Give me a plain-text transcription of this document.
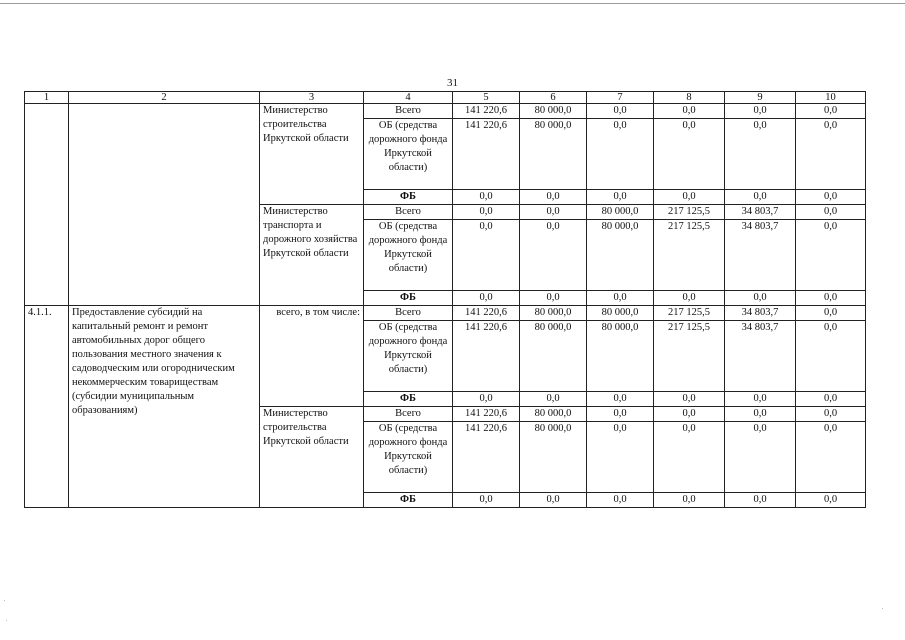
31
1	2	3	4	5	6	7	8	9	10
		Министерство строительства Иркутской области	Всего	141 220,6	80 000,0	0,0	0,0	0,0	0,0
			ОБ (средства дорожного фонда Иркутской области)	141 220,6	80 000,0	0,0	0,0	0,0	0,0
			ФБ	0,0	0,0	0,0	0,0	0,0	0,0
		Министерство транспорта и дорожного хозяйства Иркутской области	Всего	0,0	0,0	80 000,0	217 125,5	34 803,7	0,0
			ОБ (средства дорожного фонда Иркутской области)	0,0	0,0	80 000,0	217 125,5	34 803,7	0,0
			ФБ	0,0	0,0	0,0	0,0	0,0	0,0
4.1.1.	Предоставление субсидий на капитальный ремонт и ремонт автомобильных дорог общего пользования местного значения к садоводческим или огородническим некоммерческим товариществам (субсидии муниципальным образованиям)	всего, в том числе:	Всего	141 220,6	80 000,0	80 000,0	217 125,5	34 803,7	0,0
			ОБ (средства дорожного фонда Иркутской области)	141 220,6	80 000,0	80 000,0	217 125,5	34 803,7	0,0
			ФБ	0,0	0,0	0,0	0,0	0,0	0,0
		Министерство строительства Иркутской области	Всего	141 220,6	80 000,0	0,0	0,0	0,0	0,0
			ОБ (средства дорожного фонда Иркутской области)	141 220,6	80 000,0	0,0	0,0	0,0	0,0
			ФБ	0,0	0,0	0,0	0,0	0,0	0,0
